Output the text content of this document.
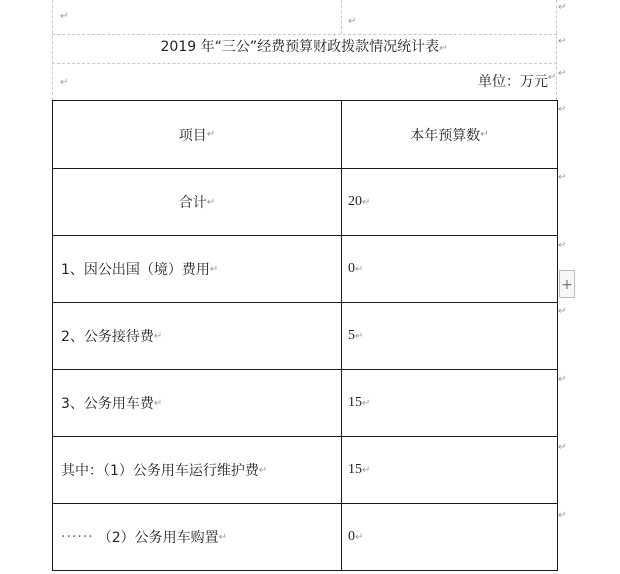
↵	↵
↵
↵
↵
↵
↵
↵
↵
↵
↵
↵
↵
2019 年“三公”经费预算财政拨款情况统计表↵
单位：万元 ↵
项目 ↵	本年预算数 ↵
合计 ↵	20 ↵
1、因公出国（境）费用 ↵	0 ↵
2、公务接待费 ↵	5 ↵
3、公务用车费 ↵	15 ↵
其中：（1）公务用车运行维护费 ↵	15 ↵
······ （2）公务用车购置 ↵	0 ↵
+
